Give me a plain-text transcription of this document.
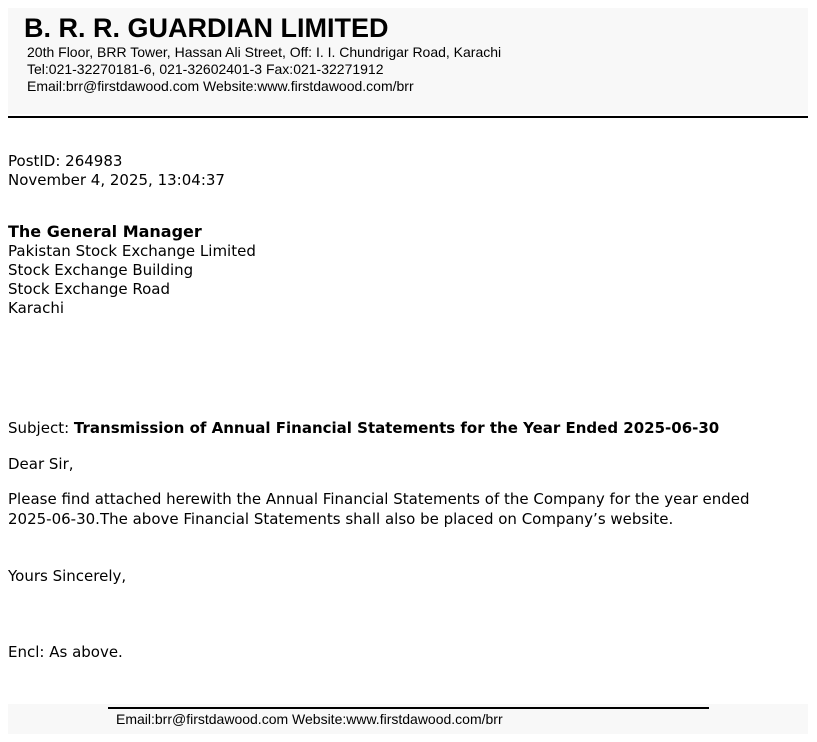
B. R. R. GUARDIAN LIMITED
20th Floor, BRR Tower, Hassan Ali Street, Off: I. I. Chundrigar Road, Karachi
Tel:021-32270181-6, 021-32602401-3 Fax:021-32271912
Email:brr@firstdawood.com Website:www.firstdawood.com/brr
PostID: 264983
November 4, 2025, 13:04:37
The General Manager
Pakistan Stock Exchange Limited
Stock Exchange Building
Stock Exchange Road
Karachi
Subject: Transmission of Annual Financial Statements for the Year Ended 2025-06-30
Dear Sir,
Please find attached herewith the Annual Financial Statements of the Company for the year ended
2025-06-30.The above Financial Statements shall also be placed on Company’s website.
Yours Sincerely,
Encl: As above.
Email:brr@firstdawood.com Website:www.firstdawood.com/brr
